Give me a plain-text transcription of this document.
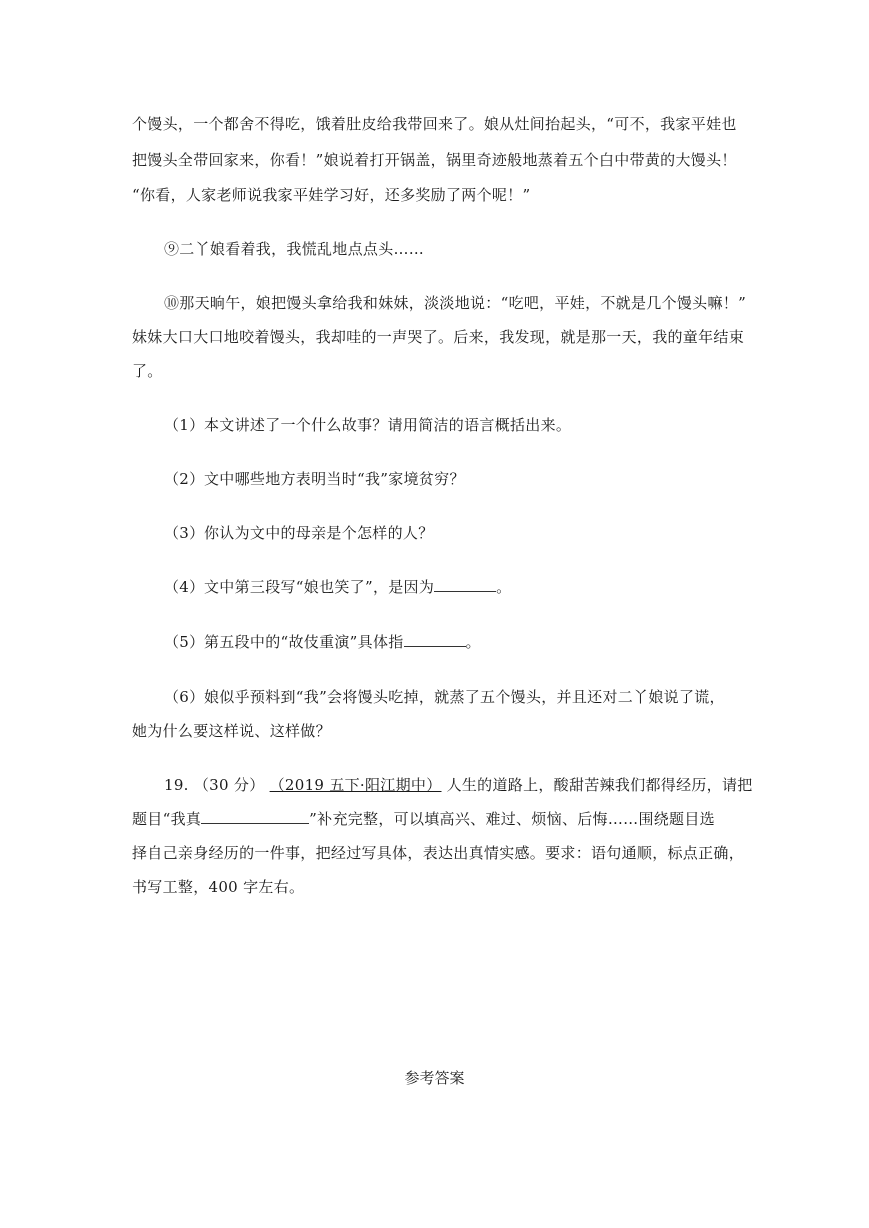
个馒头，一个都舍不得吃，饿着肚皮给我带回来了。娘从灶间抬起头，“可不，我家平娃也
把馒头全带回家来，你看！”娘说着打开锅盖，锅里奇迹般地蒸着五个白中带黄的大馒头！
“你看，人家老师说我家平娃学习好，还多奖励了两个呢！”
⑨二丫娘看着我，我慌乱地点点头……
⑩那天晌午，娘把馒头拿给我和妹妹，淡淡地说：“吃吧，平娃，不就是几个馒头嘛！”
妹妹大口大口地咬着馒头，我却哇的一声哭了。后来，我发现，就是那一天，我的童年结束
了。
（1）本文讲述了一个什么故事？请用简洁的语言概括出来。
（2）文中哪些地方表明当时“我”家境贫穷？
（3）你认为文中的母亲是个怎样的人？
（4）文中第三段写“娘也笑了”，是因为	。
（5）第五段中的“故伎重演”具体指	。
（6）娘似乎预料到“我”会将馒头吃掉，就蒸了五个馒头，并且还对二丫娘说了谎，
她为什么要这样说、这样做？
19. （30 分） （2019 五下·阳江期中） 人生的道路上，酸甜苦辣我们都得经历，请把
题目“我真	”补充完整，可以填高兴、难过、烦恼、后悔……围绕题目选
择自己亲身经历的一件事，把经过写具体，表达出真情实感。要求：语句通顺，标点正确，
书写工整，400 字左右。
参考答案
